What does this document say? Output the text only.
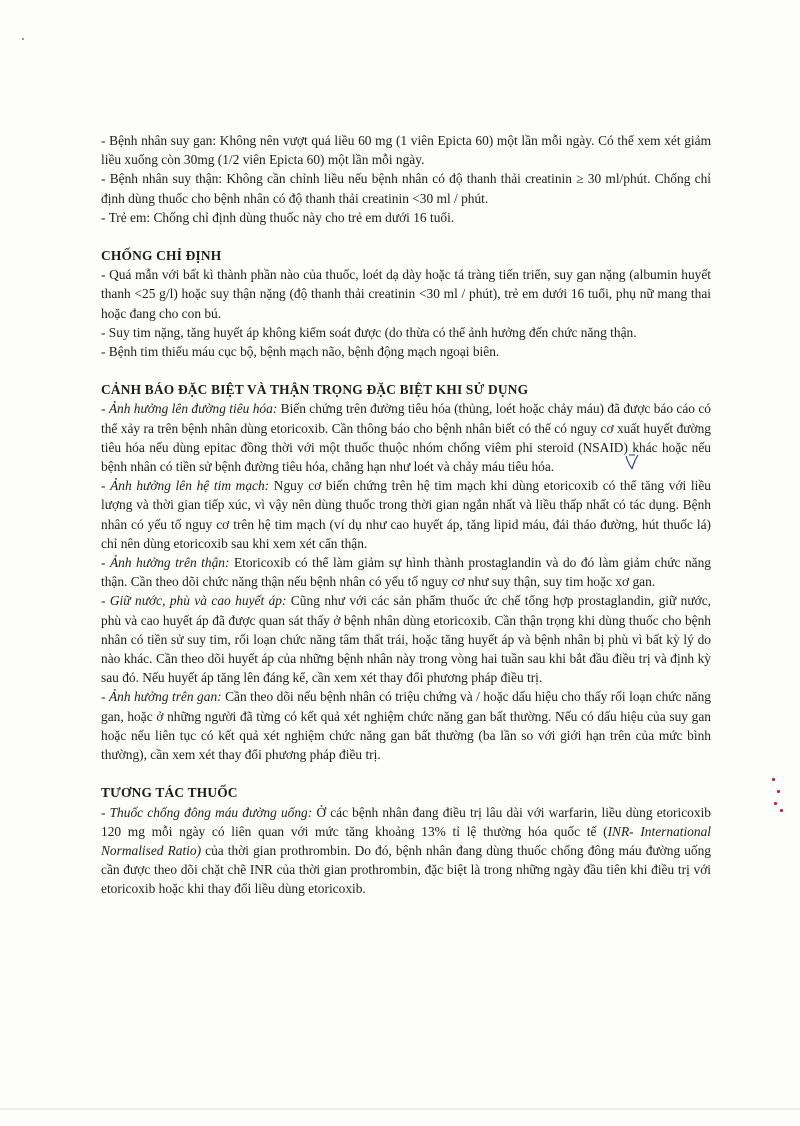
- Bệnh nhân suy gan: Không nên vượt quá liều 60 mg (1 viên Epicta 60) một lần mỗi ngày. Có thể xem xét giảm liều xuống còn 30mg (1/2 viên Epicta 60) một lần mỗi ngày.

- Bệnh nhân suy thận: Không cần chỉnh liều nếu bệnh nhân có độ thanh thải creatinin ≥ 30 ml/phút. Chống chỉ định dùng thuốc cho bệnh nhân có độ thanh thải creatinin <30 ml / phút.

- Trẻ em: Chống chỉ định dùng thuốc này cho trẻ em dưới 16 tuổi.

CHỐNG CHỈ ĐỊNH

- Quá mẫn với bất kì thành phần nào của thuốc, loét dạ dày hoặc tá tràng tiến triển, suy gan nặng (albumin huyết thanh <25 g/l) hoặc suy thận nặng (độ thanh thải creatinin <30 ml / phút), trẻ em dưới 16 tuổi, phụ nữ mang thai hoặc đang cho con bú.

- Suy tim nặng, tăng huyết áp không kiểm soát được (do thừa có thể ảnh hưởng đến chức năng thận.

- Bệnh tim thiếu máu cục bộ, bệnh mạch não, bệnh động mạch ngoại biên.

CẢNH BÁO ĐẶC BIỆT VÀ THẬN TRỌNG ĐẶC BIỆT KHI SỬ DỤNG

- Ảnh hưởng lên đường tiêu hóa: Biến chứng trên đường tiêu hóa (thủng, loét hoặc chảy máu) đã được báo cáo có thể xảy ra trên bệnh nhân dùng etoricoxib. Cần thông báo cho bệnh nhân biết có thể có nguy cơ xuất huyết đường tiêu hóa nếu dùng epitac đồng thời với một thuốc thuộc nhóm chống viêm phi steroid (NSAID) khác hoặc nếu bệnh nhân có tiền sử bệnh đường tiêu hóa, chẳng hạn như loét và chảy máu tiêu hóa.

- Ảnh hưởng lên hệ tim mạch: Nguy cơ biến chứng trên hệ tim mạch khi dùng etoricoxib có thể tăng với liều lượng và thời gian tiếp xúc, vì vậy nên dùng thuốc trong thời gian ngắn nhất và liều thấp nhất có tác dụng. Bệnh nhân có yếu tố nguy cơ trên hệ tim mạch (ví dụ như cao huyết áp, tăng lipid máu, đái tháo đường, hút thuốc lá) chỉ nên dùng etoricoxib sau khi xem xét cẩn thận.

- Ảnh hưởng trên thận: Etoricoxib có thể làm giảm sự hình thành prostaglandin và do đó làm giảm chức năng thận. Cần theo dõi chức năng thận nếu bệnh nhân có yếu tố nguy cơ như suy thận, suy tim hoặc xơ gan.

- Giữ nước, phù và cao huyết áp: Cũng như với các sản phẩm thuốc ức chế tổng hợp prostaglandin, giữ nước, phù và cao huyết áp đã được quan sát thấy ở bệnh nhân dùng etoricoxib. Cần thận trọng khi dùng thuốc cho bệnh nhân có tiền sử suy tim, rối loạn chức năng tâm thất trái, hoặc tăng huyết áp và bệnh nhân bị phù vì bất kỳ lý do nào khác. Cần theo dõi huyết áp của những bệnh nhân này trong vòng hai tuần sau khi bắt đầu điều trị và định kỳ sau đó. Nếu huyết áp tăng lên đáng kể, cần xem xét thay đổi phương pháp điều trị.

- Ảnh hưởng trên gan: Cần theo dõi nếu bệnh nhân có triệu chứng và / hoặc dấu hiệu cho thấy rối loạn chức năng gan, hoặc ở những người đã từng có kết quả xét nghiệm chức năng gan bất thường. Nếu có dấu hiệu của suy gan hoặc nếu liên tục có kết quả xét nghiệm chức năng gan bất thường (ba lần so với giới hạn trên của mức bình thường), cần xem xét thay đổi phương pháp điều trị.

TƯƠNG TÁC THUỐC

- Thuốc chống đông máu đường uống: Ở các bệnh nhân đang điều trị lâu dài với warfarin, liều dùng etoricoxib 120 mg mỗi ngày có liên quan với mức tăng khoảng 13% tỉ lệ thường hóa quốc tế (INR- International Normalised Ratio) của thời gian prothrombin. Do đó, bệnh nhân đang dùng thuốc chống đông máu đường uống cần được theo dõi chặt chẽ INR của thời gian prothrombin, đặc biệt là trong những ngày đầu tiên khi điều trị với etoricoxib hoặc khi thay đổi liều dùng etoricoxib.
